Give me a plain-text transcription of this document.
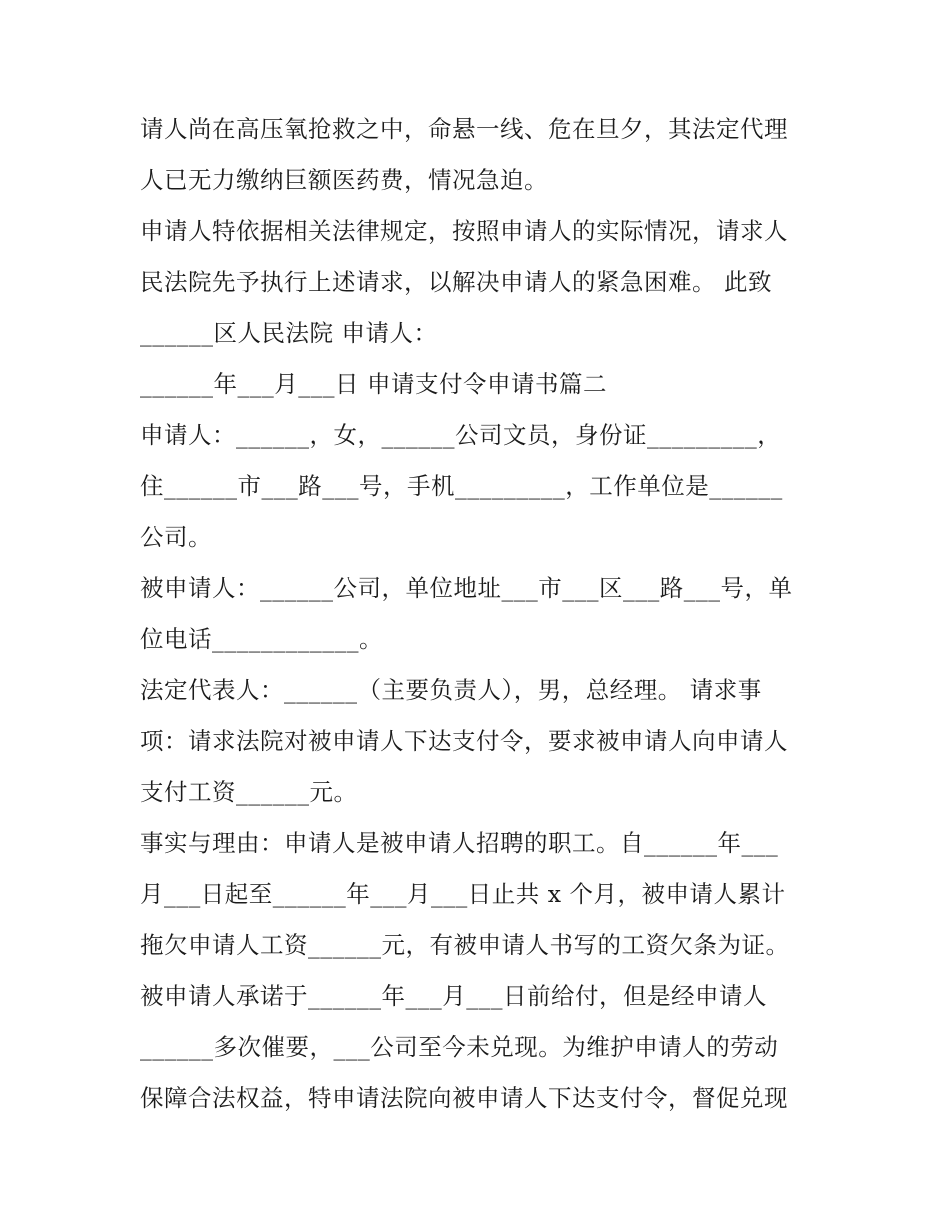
请人尚在高压氧抢救之中，命悬一线、危在旦夕，其法定代理
人已无力缴纳巨额医药费，情况急迫。
申请人特依据相关法律规定，按照申请人的实际情况，请求人
民法院先予执行上述请求，以解决申请人的紧急困难。 此致
______区人民法院 申请人：
______年___月___日 申请支付令申请书篇二
申请人：______，女，______公司文员，身份证_________，
住______市___路___号，手机_________，工作单位是______
公司。
被申请人：______公司，单位地址___市___区___路___号，单
位电话____________。
法定代表人：______（主要负责人），男，总经理。 请求事
项：请求法院对被申请人下达支付令，要求被申请人向申请人
支付工资______元。
事实与理由：申请人是被申请人招聘的职工。自______年___
月___日起至______年___月___日止共 x 个月，被申请人累计
拖欠申请人工资______元，有被申请人书写的工资欠条为证。
被申请人承诺于______年___月___日前给付，但是经申请人
______多次催要，___公司至今未兑现。为维护申请人的劳动
保障合法权益，特申请法院向被申请人下达支付令，督促兑现
